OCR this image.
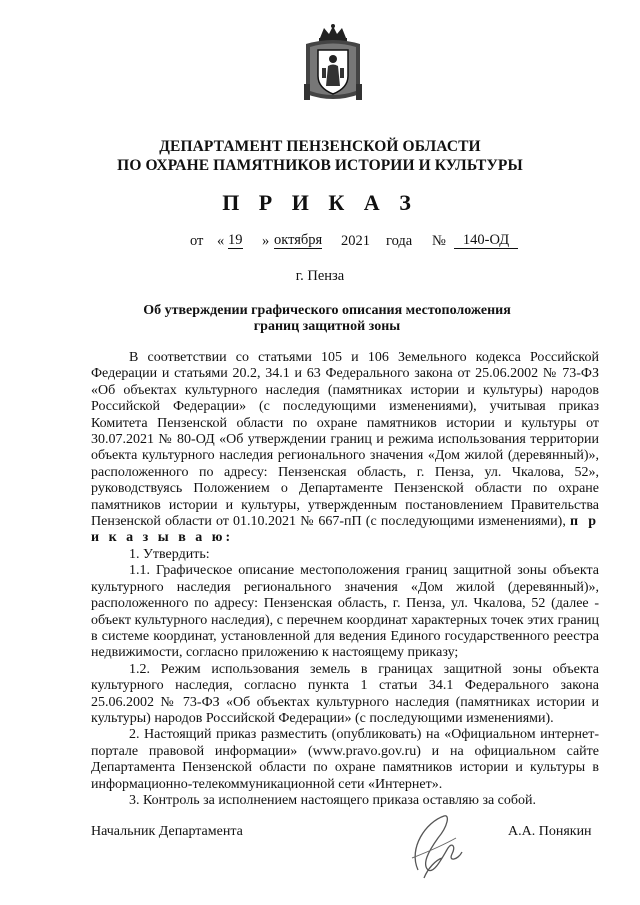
ДЕПАРТАМЕНТ ПЕНЗЕНСКОЙ ОБЛАСТИ
ПО ОХРАНЕ ПАМЯТНИКОВ ИСТОРИИ И КУЛЬТУРЫ
П Р И К А З
от « 19 » октября 2021 года №	140-ОД
г. Пенза
Об утверждении графического описания местоположения границ защитной зоны

В соответствии со статьями 105 и 106 Земельного кодекса Российской Федерации и статьями 20.2, 34.1 и 63 Федерального закона от 25.06.2002 № 73-ФЗ «Об объектах культурного наследия (памятниках истории и культуры) народов Российской Федерации» (с последующими изменениями), учитывая приказ Комитета Пензенской области по охране памятников истории и культуры от 30.07.2021 № 80-ОД «Об утверждении границ и режима использования территории объекта культурного наследия регионального значения «Дом жилой (деревянный)», расположенного по адресу: Пензенская область, г. Пенза, ул. Чкалова, 52», руководствуясь Положением о Департаменте Пензенской области по охране памятников истории и культуры, утвержденным постановлением Правительства Пензенской области от 01.10.2021 № 667-пП (с последующими изменениями), п р и к а з ы в а ю:

1. Утвердить:

1.1. Графическое описание местоположения границ защитной зоны объекта культурного наследия регионального значения «Дом жилой (деревянный)», расположенного по адресу: Пензенская область, г. Пенза, ул. Чкалова, 52 (далее - объект культурного наследия), с перечнем координат характерных точек этих границ в системе координат, установленной для ведения Единого государственного реестра недвижимости, согласно приложению к настоящему приказу;

1.2. Режим использования земель в границах защитной зоны объекта культурного наследия, согласно пункта 1 статьи 34.1 Федерального закона 25.06.2002 № 73-ФЗ «Об объектах культурного наследия (памятниках истории и культуры) народов Российской Федерации» (с последующими изменениями).

2. Настоящий приказ разместить (опубликовать) на «Официальном интернет-портале правовой информации» (www.pravo.gov.ru) и на официальном сайте Департамента Пензенской области по охране памятников истории и культуры в информационно-телекоммуникационной сети «Интернет».

3. Контроль за исполнением настоящего приказа оставляю за собой.

Начальник Департамента	А.А. Понякин
